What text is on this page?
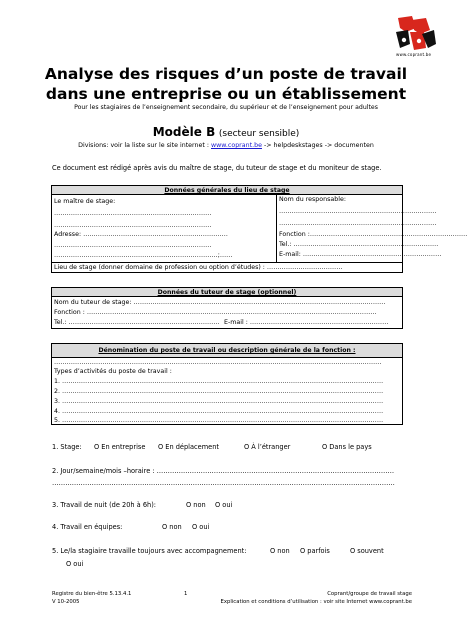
www.coprant.be
Analyse des risques d’un poste de travail dans une entreprise ou un établissement
Pour les stagiaires de l’enseignement secondaire, du supérieur et de l’enseignement pour adultes
Modèle B (secteur sensible)
Divisions: voir la liste sur le site internet : www.coprant.be -> helpdeskstages -> documenten
Ce document est rédigé après avis du maître de stage, du tuteur de stage et du moniteur de stage.
Données générales du lieu de stage
Le maître de stage:
…………………………………………………………………
…………………………………………………………………
Adresse: ……………………………………………………………
…………………………………………………………………
……………………………………………………………………;……
Nom du responsable:
…………………………………………………………………
…………………………………………………………………
Fonction :…………………………………………………………………
Tel.: ……………………………………………………………
E-mail: …………………………………………………………
Lieu de stage (donner domaine de profession ou option d’études) : ………………………………
Données du tuteur de stage (optionnel)
Nom du tuteur de stage: …………………………………………………………………………………………………………
Fonction : …………………………………………………………………………………………………………………………
Tel.: ……………………………………………………………… E-mail : …………………………………………………………
Dénomination du poste de travail ou description générale de la fonction :
…………………………………………………………………………………………………………………………………………
Types d’activités du poste de travail :
1. ………………………………………………………………………………………………………………………………………
2. ………………………………………………………………………………………………………………………………………
3. ………………………………………………………………………………………………………………………………………
4. ………………………………………………………………………………………………………………………………………
5. ………………………………………………………………………………………………………………………………………
1. Stage: O En entreprise O En déplacement	O À l’étranger	O Dans le pays
2. Jour/semaine/mois –horaire : ………………………………………………………………………………………………
…………………………………………………………………………………………………………………………………………
3. Travail de nuit (de 20h à 6h):	O non O oui
4. Travail en équipes:	O non O oui
5. Le/la stagiaire travaille toujours avec accompagnement:	O non O parfois	O souvent
O oui
Registre du bien-être 5.13.4.1
V 10-2005
1	Coprant/groupe de travail stage
Explication et conditions d’utilisation : voir site Internet www.coprant.be
